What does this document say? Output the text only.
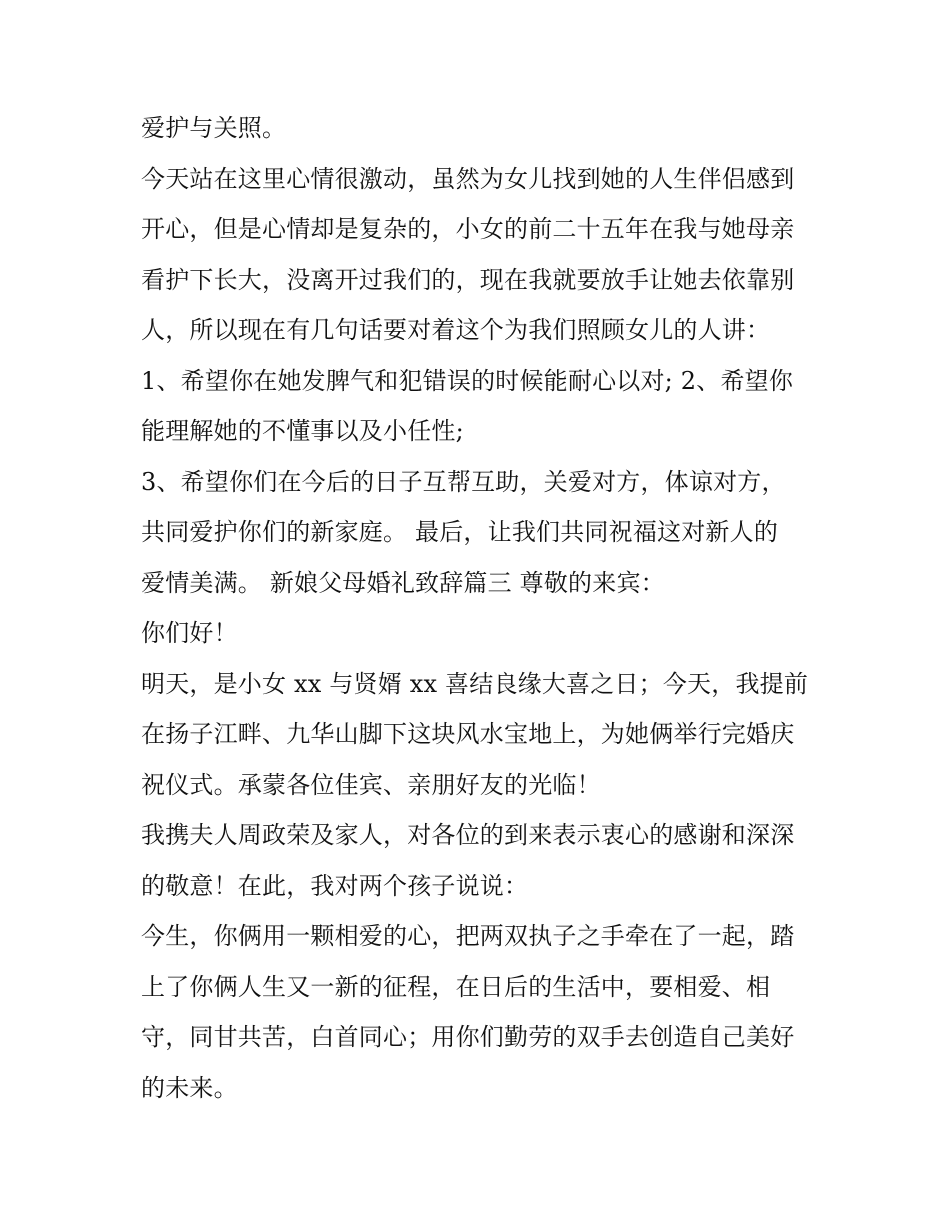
爱护与关照。
今天站在这里心情很激动，虽然为女儿找到她的人生伴侣感到
开心，但是心情却是复杂的，小女的前二十五年在我与她母亲
看护下长大，没离开过我们的，现在我就要放手让她去依靠别
人，所以现在有几句话要对着这个为我们照顾女儿的人讲：
1、希望你在她发脾气和犯错误的时候能耐心以对; 2、希望你
能理解她的不懂事以及小任性;
3、希望你们在今后的日子互帮互助，关爱对方，体谅对方，
共同爱护你们的新家庭。 最后，让我们共同祝福这对新人的
爱情美满。 新娘父母婚礼致辞篇三 尊敬的来宾：
你们好！
明天，是小女 xx 与贤婿 xx 喜结良缘大喜之日；今天，我提前
在扬子江畔、九华山脚下这块风水宝地上，为她俩举行完婚庆
祝仪式。承蒙各位佳宾、亲朋好友的光临！
我携夫人周政荣及家人，对各位的到来表示衷心的感谢和深深
的敬意！在此，我对两个孩子说说：
今生，你俩用一颗相爱的心，把两双执子之手牵在了一起，踏
上了你俩人生又一新的征程，在日后的生活中，要相爱、相
守，同甘共苦，白首同心；用你们勤劳的双手去创造自己美好
的未来。
